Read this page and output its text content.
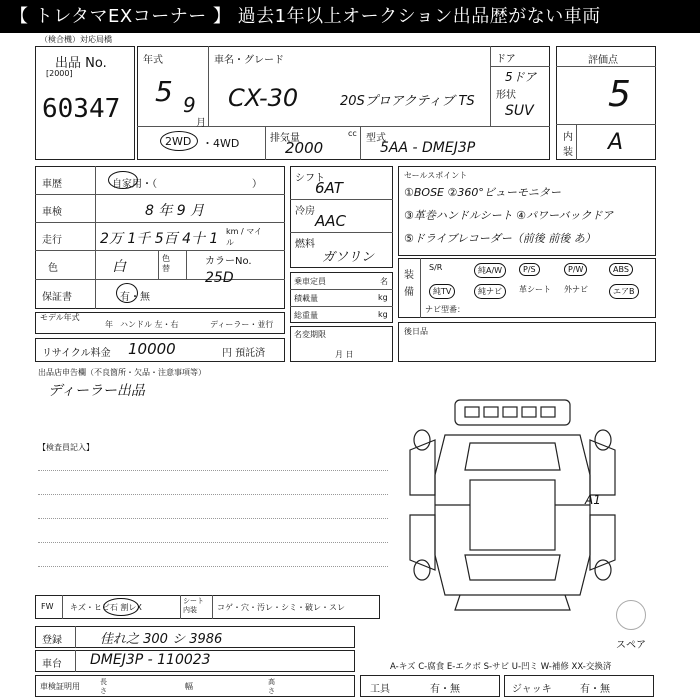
【 トレタマEXコーナー 】 過去1年以上オークション出品歴がない車両
（検合機）対応局橋
出品 No.
[2000]
60347
年式
5 9
月
車名・グレード
CX-30	20Sプロアクティブ TS
ドア
5ドア
形状
SUV
2WD ・4WD	排気量	cc
2000
型式
5AA - DMEJ3P
評価点
5
内
装 A
車歴	自家用・（	）
車検	8 年 9 月
走行	2万 1千 5百 4十 1 km / マイル
色	白
色替
カラーNo.
25D
保証書	有・無
モデル年式
年 ハンドル 左・右	ディーラー・並行
リサイクル料金 10000	円 預託済
シフト
6AT
冷房
AAC
燃料
ガソリン
乗車定員	名
積載量	kg
総重量	kg
名変期限
月 日
セールスポイント
①BOSE ②360°ビューモニター
③革巻ハンドルシート ④パワーバックドア
⑤ドライブレコーダー（前後 前後 あ）
装
備
S/R	純A/W	P/S	P/W	ABS
純TV	純ナビ	革シート 外ナビ	エアB
ナビ型番：
後日品
出品店申告欄（不良箇所・欠品・注意事項等）
ディーラー出品
【検査員記入】
A1
スペア
FW キズ・ヒビ石 割レX
シート内装	コゲ・穴・汚レ・シミ・破レ・スレ
登録	佳れ之 300 シ 3986
車台 DMEJ3P - 110023	A-キズ C-腐食 E-エクボ S-サビ U-凹ミ W-補修 XX-交換済
車検証明用	長さ	幅	高さ	工具	有・無	ジャッキ	有・無
